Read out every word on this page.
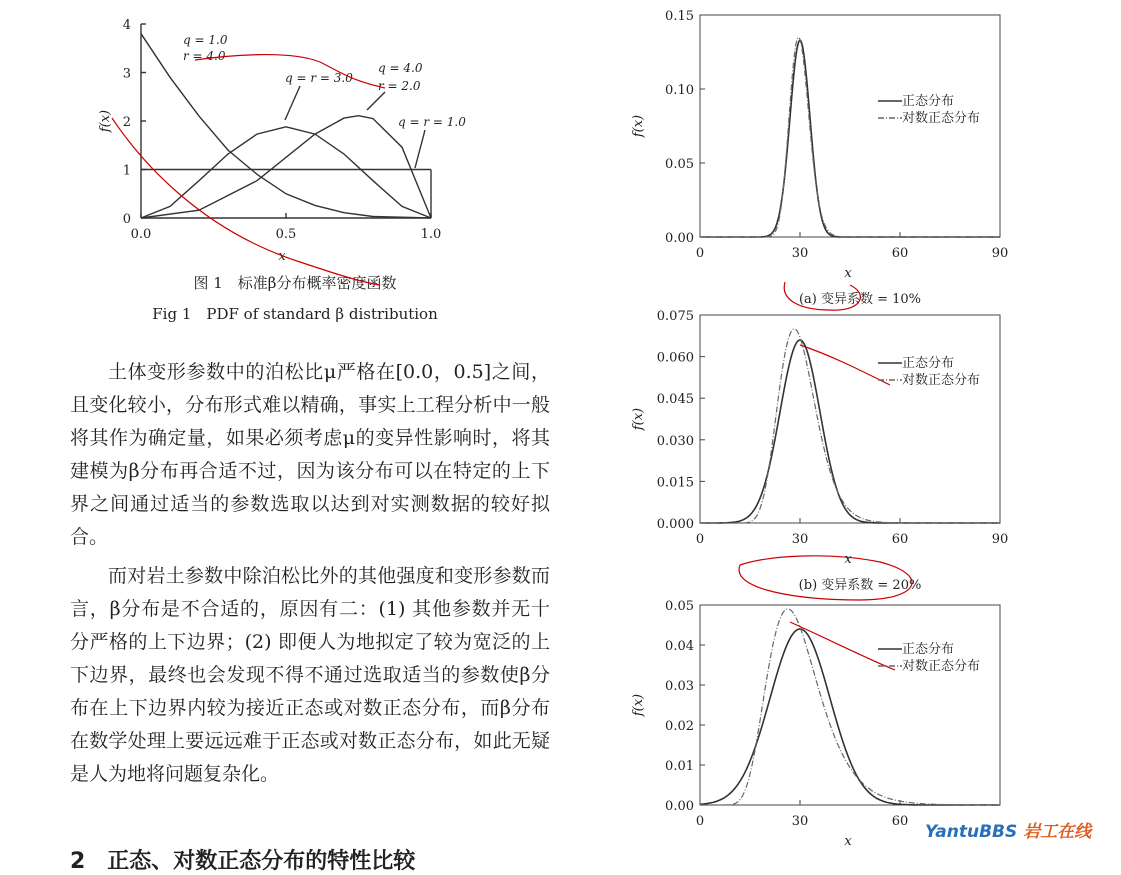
0
1
2
3
4
0.0	0.5	1.0
x
f(x)
q = 1.0
r = 4.0
q = r = 3.0
q = 4.0
r = 2.0
q = r = 1.0
图 1　标准β分布概率密度函数
Fig 1　PDF of standard β distribution

土体变形参数中的泊松比μ严格在[0.0，0.5]之间，且变化较小，分布形式难以精确，事实上工程分析中一般将其作为确定量，如果必须考虑μ的变异性影响时，将其建模为β分布再合适不过，因为该分布可以在特定的上下界之间通过适当的参数选取以达到对实测数据的较好拟合。

而对岩土参数中除泊松比外的其他强度和变形参数而言，β分布是不合适的，原因有二：(1) 其他参数并无十分严格的上下边界；(2) 即便人为地拟定了较为宽泛的上下边界，最终也会发现不得不通过选取适当的参数使β分布在上下边界内较为接近正态或对数正态分布，而β分布在数学处理上要远远难于正态或对数正态分布，如此无疑是人为地将问题复杂化。

2　正态、对数正态分布的特性比较
0.00
0.05
0.10
0.15
0	30	60	90
x
f(x)
正态分布
对数正态分布
(a) 变异系数 = 10%
0.000
0.015
0.030
0.045
0.060
0.075
0	30	60	90
x
f(x)
正态分布
对数正态分布
(b) 变异系数 = 20%
0.00
0.01
0.02
0.03
0.04
0.05
0	30	60
x
f(x)
正态分布
对数正态分布
YantuBBS 岩工在线
